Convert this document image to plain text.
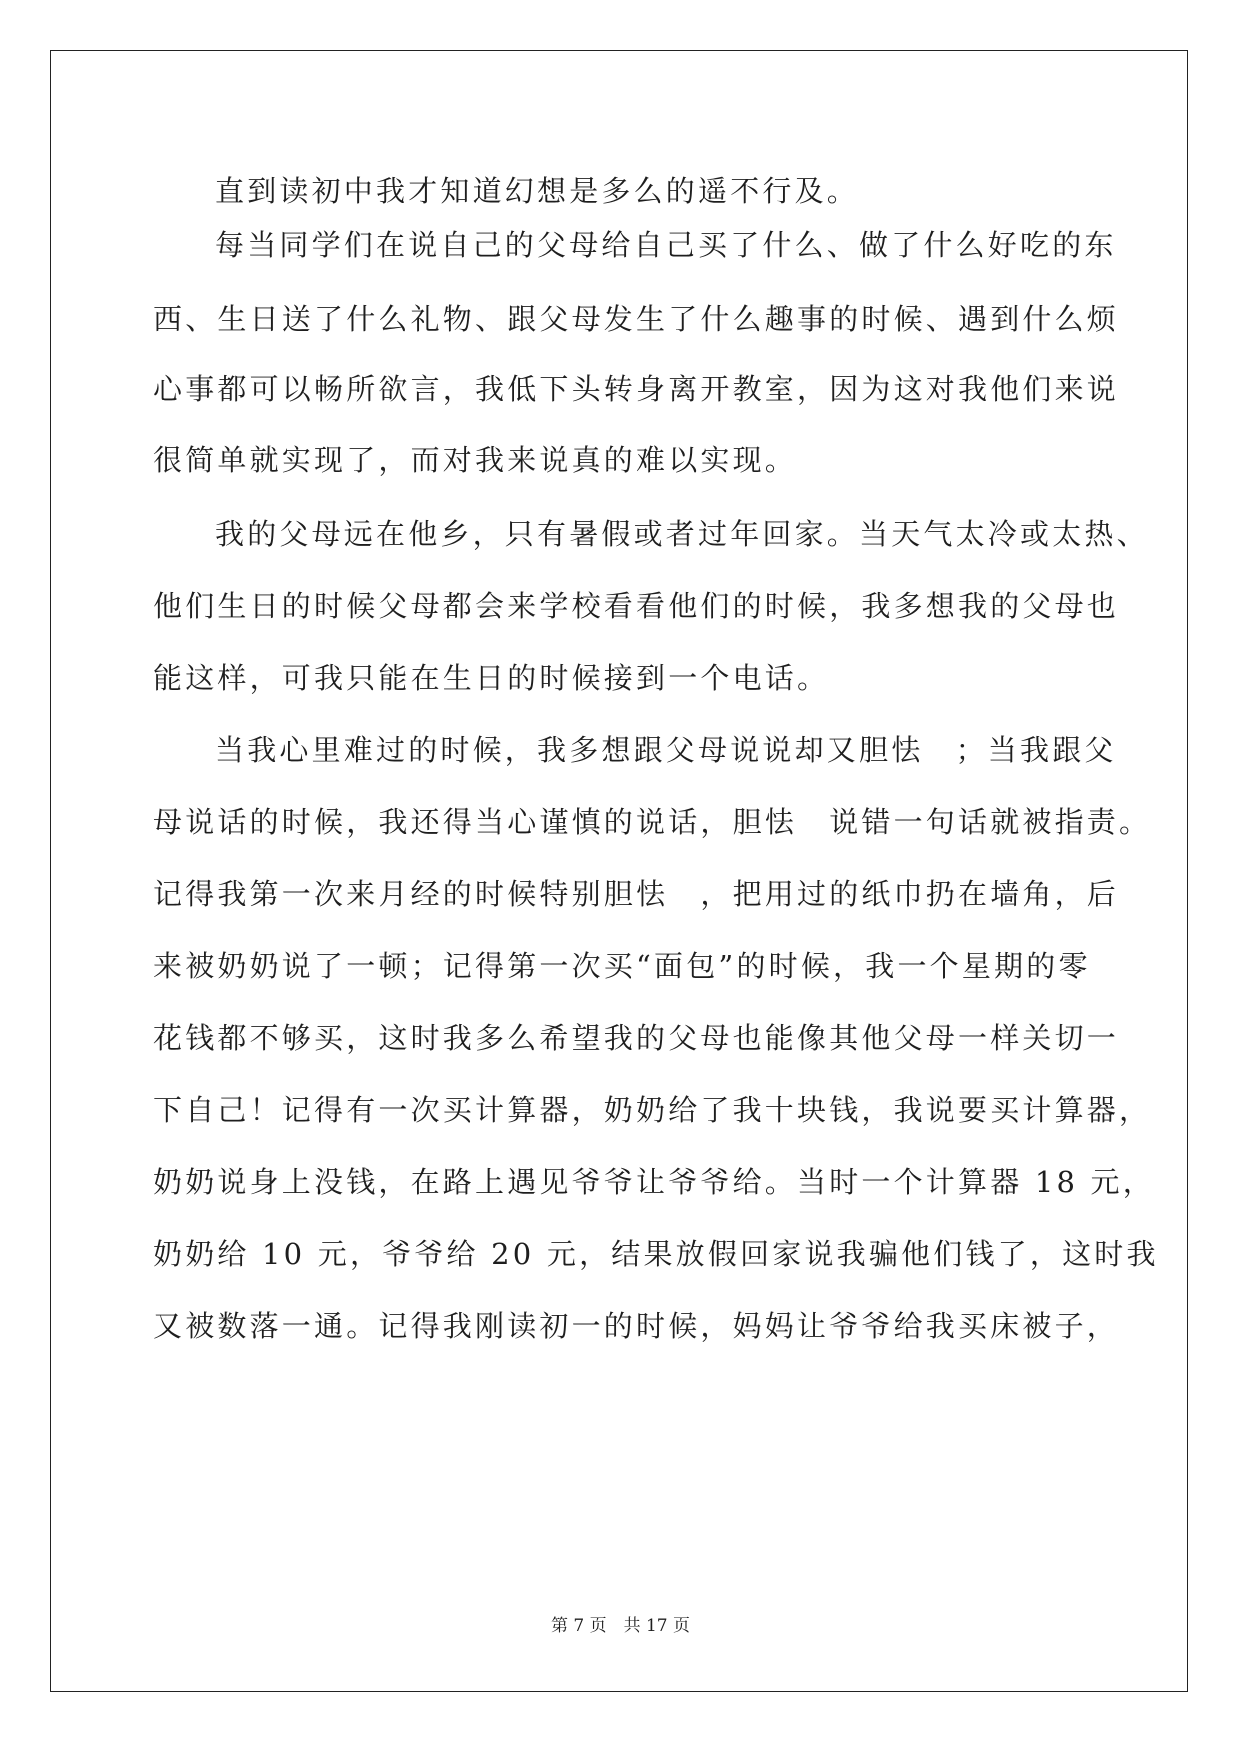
直到读初中我才知道幻想是多么的遥不行及。
每当同学们在说自己的父母给自己买了什么、做了什么好吃的东
西、生日送了什么礼物、跟父母发生了什么趣事的时候、遇到什么烦
心事都可以畅所欲言，我低下头转身离开教室，因为这对我他们来说
很简单就实现了，而对我来说真的难以实现。
我的父母远在他乡，只有暑假或者过年回家。当天气太冷或太热、
他们生日的时候父母都会来学校看看他们的时候，我多想我的父母也
能这样，可我只能在生日的时候接到一个电话。
当我心里难过的时候，我多想跟父母说说却又胆怯　；当我跟父
母说话的时候，我还得当心谨慎的说话，胆怯　说错一句话就被指责。
记得我第一次来月经的时候特别胆怯　，把用过的纸巾扔在墙角，后
来被奶奶说了一顿；记得第一次买“面包”的时候，我一个星期的零
花钱都不够买，这时我多么希望我的父母也能像其他父母一样关切一
下自己！记得有一次买计算器，奶奶给了我十块钱，我说要买计算器，
奶奶说身上没钱，在路上遇见爷爷让爷爷给。当时一个计算器 18 元，
奶奶给 10 元，爷爷给 20 元，结果放假回家说我骗他们钱了，这时我
又被数落一通。记得我刚读初一的时候，妈妈让爷爷给我买床被子，
第 7 页　共 17 页
